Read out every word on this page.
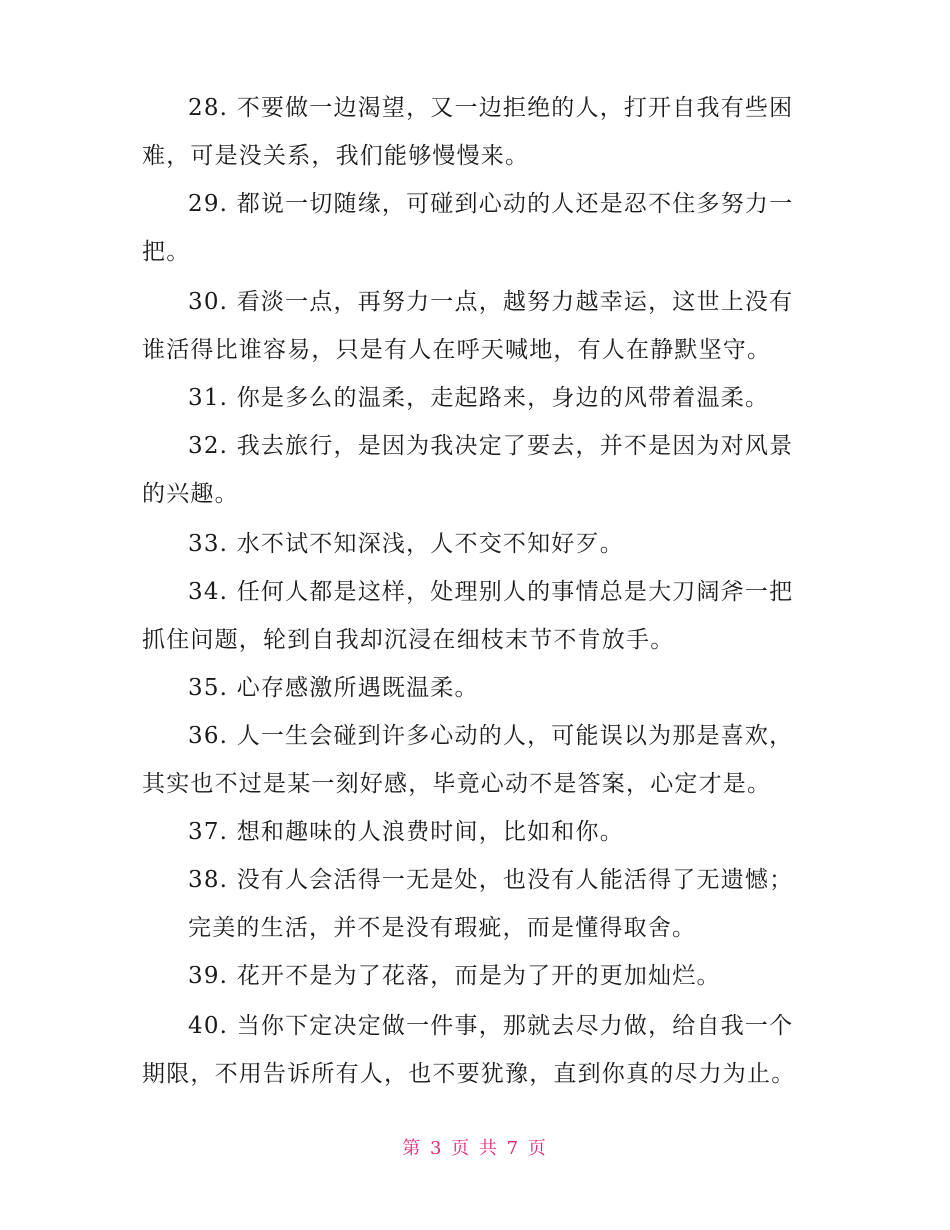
28. 不要做一边渴望，又一边拒绝的人，打开自我有些困
难，可是没关系，我们能够慢慢来。
29. 都说一切随缘，可碰到心动的人还是忍不住多努力一
把。
30. 看淡一点，再努力一点，越努力越幸运，这世上没有
谁活得比谁容易，只是有人在呼天喊地，有人在静默坚守。
31. 你是多么的温柔，走起路来，身边的风带着温柔。
32. 我去旅行，是因为我决定了要去，并不是因为对风景
的兴趣。
33. 水不试不知深浅，人不交不知好歹。
34. 任何人都是这样，处理别人的事情总是大刀阔斧一把
抓住问题，轮到自我却沉浸在细枝末节不肯放手。
35. 心存感激所遇既温柔。
36. 人一生会碰到许多心动的人，可能误以为那是喜欢，
其实也不过是某一刻好感，毕竟心动不是答案，心定才是。
37. 想和趣味的人浪费时间，比如和你。
38. 没有人会活得一无是处，也没有人能活得了无遗憾；
完美的生活，并不是没有瑕疵，而是懂得取舍。
39. 花开不是为了花落，而是为了开的更加灿烂。
40. 当你下定决定做一件事，那就去尽力做，给自我一个
期限，不用告诉所有人，也不要犹豫，直到你真的尽力为止。
第 3 页 共 7 页
